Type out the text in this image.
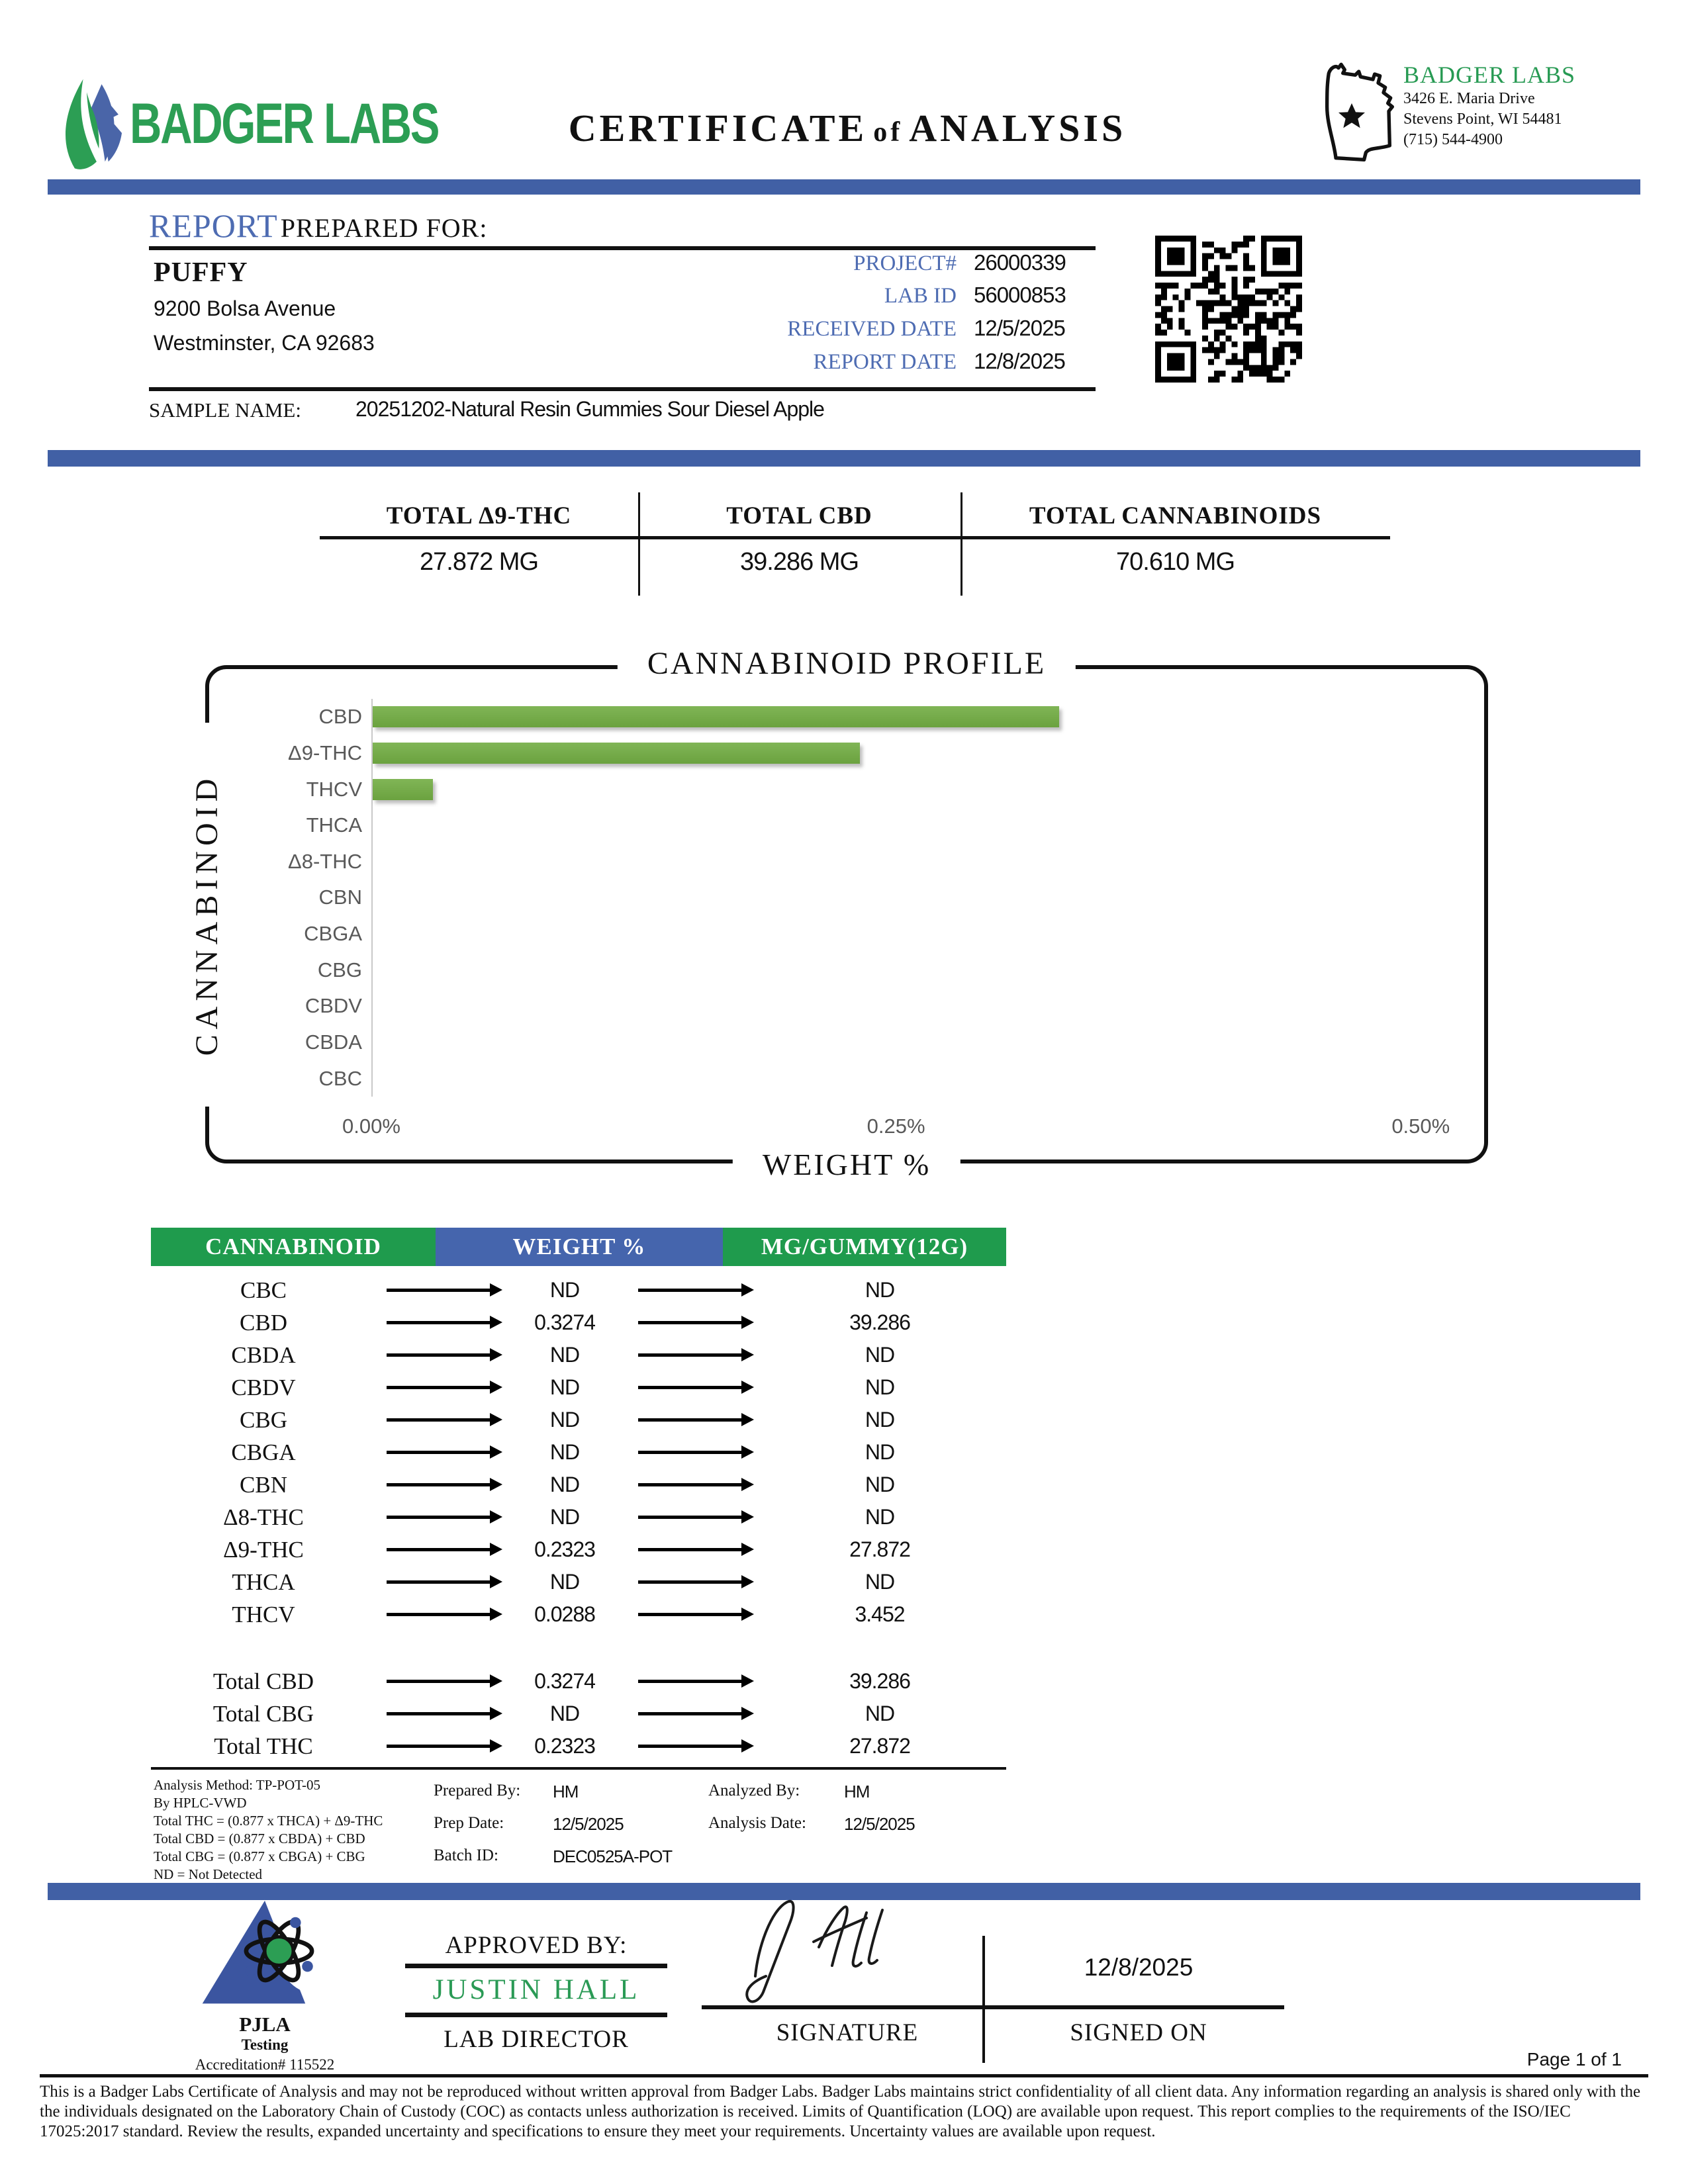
BADGER LABS	CERTIFICATE of ANALYSIS
BADGER LABS
3426 E. Maria Drive
Stevens Point, WI 54481
(715) 544-4900
REPORT PREPARED FOR:
PUFFY
9200 Bolsa Avenue
Westminster, CA 92683
PROJECT# 26000339
LAB ID 56000853
RECEIVED DATE 12/5/2025
REPORT DATE 12/8/2025
SAMPLE NAME:	20251202-Natural Resin Gummies Sour Diesel Apple
TOTAL Δ9-THC
27.872 MG
TOTAL CBD
39.286 MG
TOTAL CANNABINOIDS
70.610 MG
CANNABINOID PROFILE
CANNABINOID
CBD
Δ9-THC
THCV
THCA
Δ8-THC
CBN
CBGA
CBG
CBDV
CBDA
CBC
0.00%	0.25%	0.50%
WEIGHT %
CANNABINOID	WEIGHT %	MG/GUMMY(12G)
CBC	ND	ND
CBD	0.3274	39.286
CBDA	ND	ND
CBDV	ND	ND
CBG	ND	ND
CBGA	ND	ND
CBN	ND	ND
Δ8-THC	ND	ND
Δ9-THC	0.2323	27.872
THCA	ND	ND
THCV	0.0288	3.452
Total CBD	0.3274	39.286
Total CBG	ND	ND
Total THC	0.2323	27.872
Analysis Method: TP-POT-05
By HPLC-VWD
Total THC = (0.877 x THCA) + Δ9-THC
Total CBD = (0.877 x CBDA) + CBD
Total CBG = (0.877 x CBGA) + CBG
ND = Not Detected
Prepared By:	HM
Prep Date:	12/5/2025
Batch ID:	DEC0525A-POT
Analyzed By:	HM
Analysis Date:	12/5/2025
PJLA
Testing
Accreditation# 115522
APPROVED BY:
JUSTIN HALL
LAB DIRECTOR
12/8/2025
SIGNATURE	SIGNED ON
Page 1 of 1
This is a Badger Labs Certificate of Analysis and may not be reproduced without written approval from Badger Labs. Badger Labs maintains strict confidentiality of all client data. Any information regarding an analysis is shared only with the the individuals designated on the Laboratory Chain of Custody (COC) as contacts unless authorization is received. Limits of Quantification (LOQ) are available upon request. This report complies to the requirements of the ISO/IEC 17025:2017 standard. Review the results, expanded uncertainty and specifications to ensure they meet your requirements. Uncertainty values are available upon request.
